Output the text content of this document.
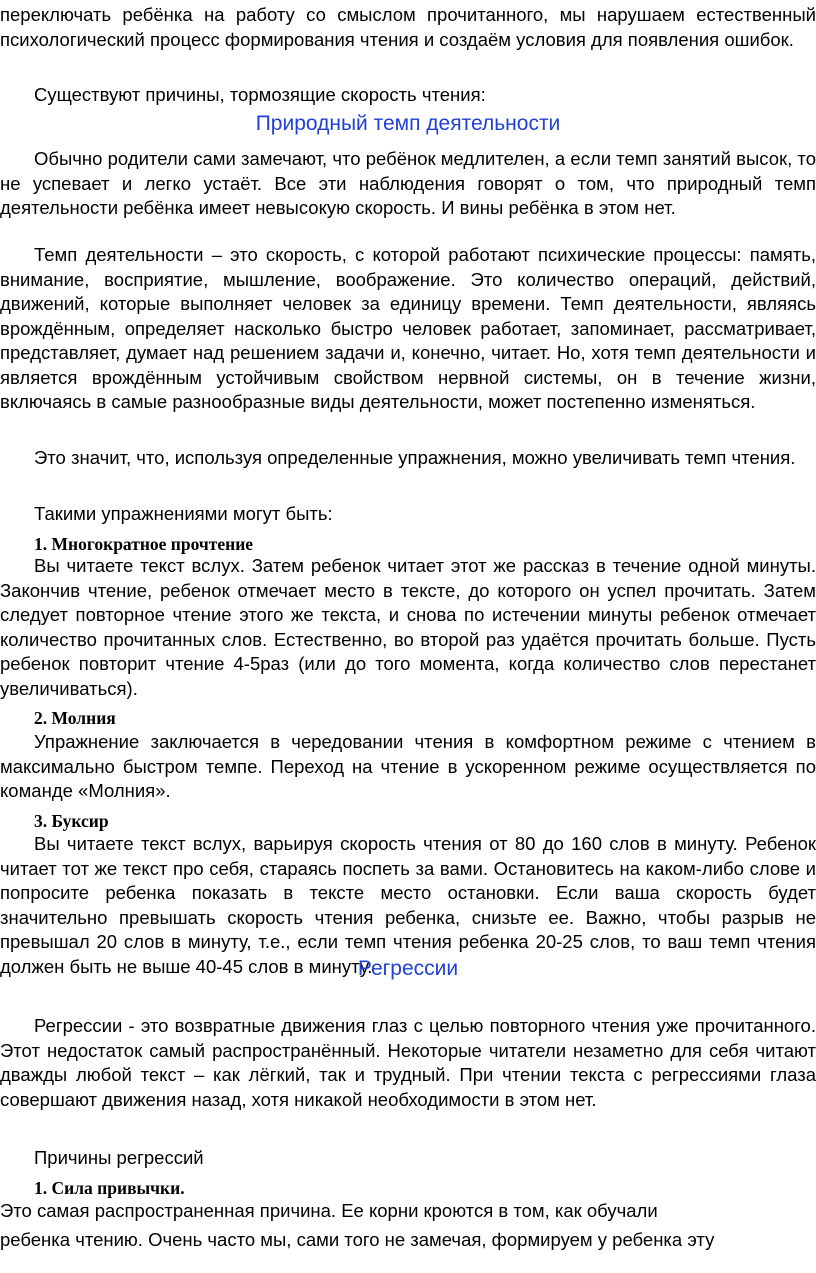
переключать ребёнка на работу со смыслом прочитанного, мы нарушаем естественный психологический процесс формирования чтения и создаём условия для появления ошибок.

Существуют причины, тормозящие скорость чтения:

Природный темп деятельности

Обычно родители сами замечают, что ребёнок медлителен, а если темп занятий высок, то не успевает и легко устаёт. Все эти наблюдения говорят о том, что природный темп деятельности ребёнка имеет невысокую скорость. И вины ребёнка в этом нет.

Темп деятельности – это скорость, с которой работают психические процессы: память, внимание, восприятие, мышление, воображение. Это количество операций, действий, движений, которые выполняет человек за единицу времени. Темп деятельности, являясь врождённым, определяет насколько быстро человек работает, запоминает, рассматривает, представляет, думает над решением задачи и, конечно, читает. Но, хотя темп деятельности и является врождённым устойчивым свойством нервной системы, он в течение жизни, включаясь в самые разнообразные виды деятельности, может постепенно изменяться.

Это значит, что, используя определенные упражнения, можно увеличивать темп чтения.

Такими упражнениями могут быть:

1. Многократное прочтение

Вы читаете текст вслух. Затем ребенок читает этот же рассказ в течение одной минуты. Закончив чтение, ребенок отмечает место в тексте, до которого он успел прочитать. Затем следует повторное чтение этого же текста, и снова по истечении минуты ребенок отмечает количество прочитанных слов. Естественно, во второй раз удаётся прочитать больше. Пусть ребенок повторит чтение 4-5раз (или до того момента, когда количество слов перестанет увеличиваться).

2. Молния

Упражнение заключается в чередовании чтения в комфортном режиме с чтением в максимально быстром темпе. Переход на чтение в ускоренном режиме осуществляется по команде «Молния».

3. Буксир

Вы читаете текст вслух, варьируя скорость чтения от 80 до 160 слов в минуту. Ребенок читает тот же текст про себя, стараясь поспеть за вами. Остановитесь на каком-либо слове и попросите ребенка показать в тексте место остановки. Если ваша скорость будет значительно превышать скорость чтения ребенка, снизьте ее. Важно, чтобы разрыв не превышал 20 слов в минуту, т.е., если темп чтения ребенка 20-25 слов, то ваш темп чтения должен быть не выше 40-45 слов в минуту.

Регрессии

Регрессии - это возвратные движения глаз с целью повторного чтения уже прочитанного. Этот недостаток самый распространённый. Некоторые читатели незаметно для себя читают дважды любой текст – как лёгкий, так и трудный. При чтении текста с регрессиями глаза совершают движения назад, хотя никакой необходимости в этом нет.

Причины регрессий

1. Сила привычки.
Это самая распространенная причина. Ее корни кроются в том, как обучали
ребенка чтению. Очень часто мы, сами того не замечая, формируем у ребенка эту
